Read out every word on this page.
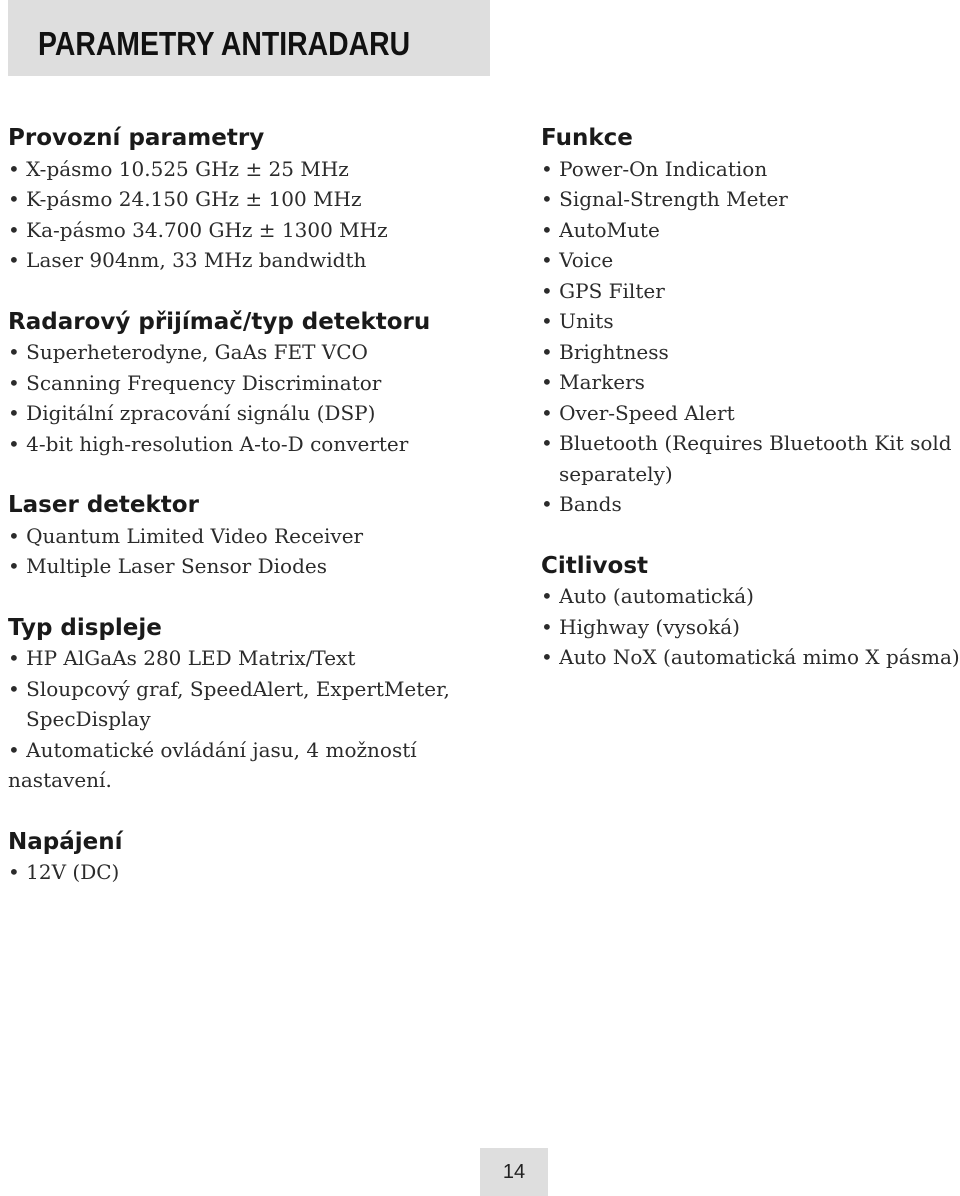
PARAMETRY ANTIRADARU
Provozní parametry
• X-pásmo 10.525 GHz ± 25 MHz
• K-pásmo 24.150 GHz ± 100 MHz
• Ka-pásmo 34.700 GHz ± 1300 MHz
• Laser 904nm, 33 MHz bandwidth
Radarový přijímač/typ detektoru
• Superheterodyne, GaAs FET VCO
• Scanning Frequency Discriminator
• Digitální zpracování signálu (DSP)
• 4-bit high-resolution A-to-D converter
Laser detektor
• Quantum Limited Video Receiver
• Multiple Laser Sensor Diodes
Typ displeje
• HP AlGaAs 280 LED Matrix/Text
• Sloupcový graf, SpeedAlert, ExpertMeter,
SpecDisplay
• Automatické ovládání jasu, 4 možností
nastavení.
Napájení
• 12V (DC)
Funkce
• Power-On Indication
• Signal-Strength Meter
• AutoMute
• Voice
• GPS Filter
• Units
• Brightness
• Markers
• Over-Speed Alert
• Bluetooth (Requires Bluetooth Kit sold
separately)
• Bands
Citlivost
• Auto (automatická)
• Highway (vysoká)
• Auto NoX (automatická mimo X pásma)
14
